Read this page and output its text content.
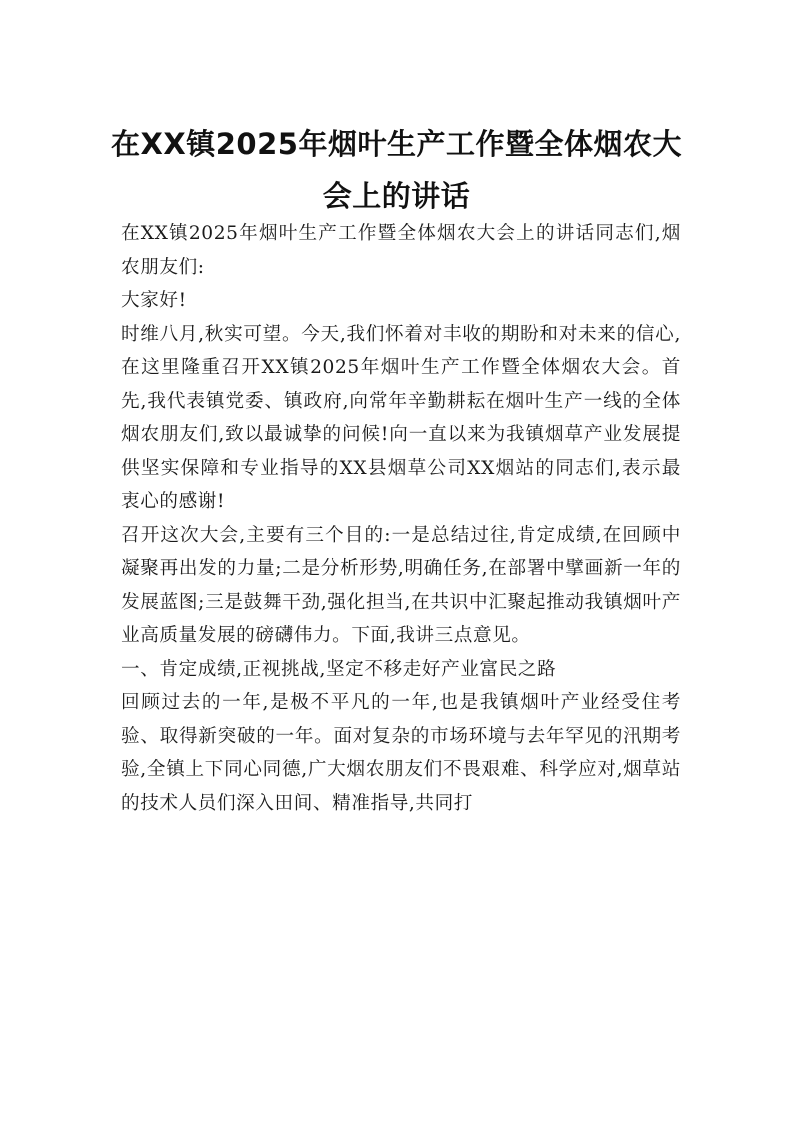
在XX镇2025年烟叶生产工作暨全体烟农大会上的讲话

在XX镇2025年烟叶生产工作暨全体烟农大会上的讲话同志们,烟农朋友们:

大家好!

时维八月,秋实可望。今天,我们怀着对丰收的期盼和对未来的信心,在这里隆重召开XX镇2025年烟叶生产工作暨全体烟农大会。首先,我代表镇党委、镇政府,向常年辛勤耕耘在烟叶生产一线的全体烟农朋友们,致以最诚挚的问候!向一直以来为我镇烟草产业发展提供坚实保障和专业指导的XX县烟草公司XX烟站的同志们,表示最衷心的感谢!

召开这次大会,主要有三个目的:一是总结过往,肯定成绩,在回顾中凝聚再出发的力量;二是分析形势,明确任务,在部署中擘画新一年的发展蓝图;三是鼓舞干劲,强化担当,在共识中汇聚起推动我镇烟叶产业高质量发展的磅礴伟力。下面,我讲三点意见。

一、肯定成绩,正视挑战,坚定不移走好产业富民之路

回顾过去的一年,是极不平凡的一年,也是我镇烟叶产业经受住考验、取得新突破的一年。面对复杂的市场环境与去年罕见的汛期考验,全镇上下同心同德,广大烟农朋友们不畏艰难、科学应对,烟草站的技术人员们深入田间、精准指导,共同打
